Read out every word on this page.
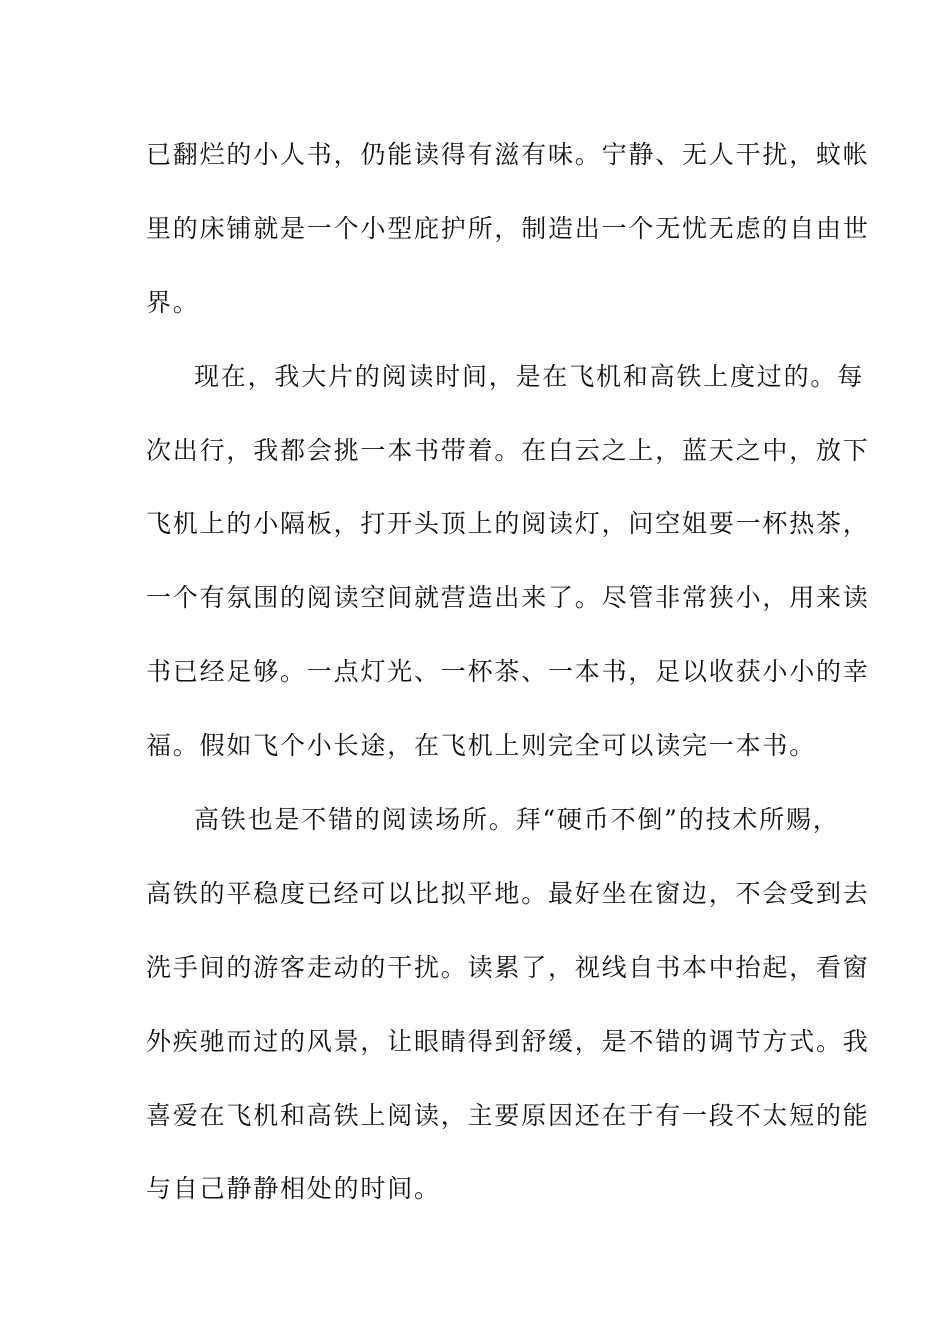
已翻烂的小人书，仍能读得有滋有味。宁静、无人干扰，蚊帐
里的床铺就是一个小型庇护所，制造出一个无忧无虑的自由世
界。
现在，我大片的阅读时间，是在飞机和高铁上度过的。每
次出行，我都会挑一本书带着。在白云之上，蓝天之中，放下
飞机上的小隔板，打开头顶上的阅读灯，问空姐要一杯热茶，
一个有氛围的阅读空间就营造出来了。尽管非常狭小，用来读
书已经足够。一点灯光、一杯茶、一本书，足以收获小小的幸
福。假如飞个小长途，在飞机上则完全可以读完一本书。
高铁也是不错的阅读场所。拜“硬币不倒”的技术所赐，
高铁的平稳度已经可以比拟平地。最好坐在窗边，不会受到去
洗手间的游客走动的干扰。读累了，视线自书本中抬起，看窗
外疾驰而过的风景，让眼睛得到舒缓，是不错的调节方式。我
喜爱在飞机和高铁上阅读，主要原因还在于有一段不太短的能
与自己静静相处的时间。
